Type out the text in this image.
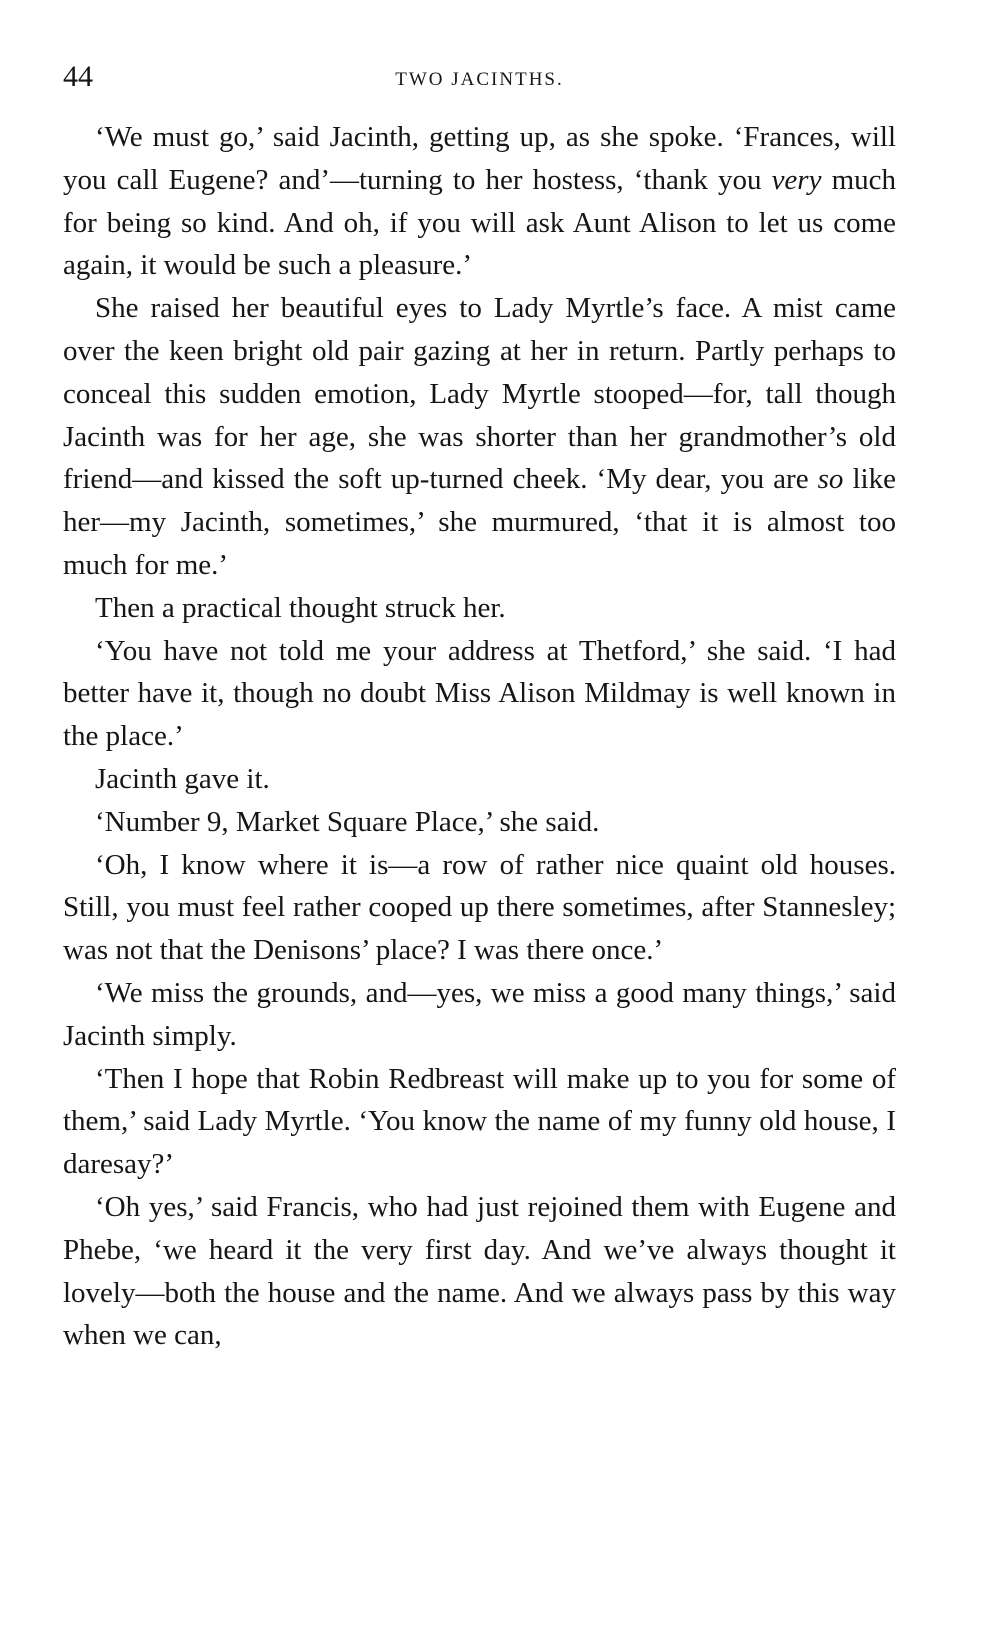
44	TWO JACINTHS.

‘We must go,’ said Jacinth, getting up, as she spoke. ‘Frances, will you call Eugene? and’—turning to her hostess, ‘thank you very much for being so kind. And oh, if you will ask Aunt Alison to let us come again, it would be such a pleasure.’

She raised her beautiful eyes to Lady Myrtle’s face. A mist came over the keen bright old pair gazing at her in return. Partly perhaps to conceal this sudden emotion, Lady Myrtle stooped—for, tall though Jacinth was for her age, she was shorter than her grandmother’s old friend—and kissed the soft up-turned cheek. ‘My dear, you are so like her—my Jacinth, sometimes,’ she murmured, ‘that it is almost too much for me.’

Then a practical thought struck her.

‘You have not told me your address at Thetford,’ she said. ‘I had better have it, though no doubt Miss Alison Mildmay is well known in the place.’

Jacinth gave it.

‘Number 9, Market Square Place,’ she said.

‘Oh, I know where it is—a row of rather nice quaint old houses. Still, you must feel rather cooped up there sometimes, after Stannesley; was not that the Denisons’ place? I was there once.’

‘We miss the grounds, and—yes, we miss a good many things,’ said Jacinth simply.

‘Then I hope that Robin Redbreast will make up to you for some of them,’ said Lady Myrtle. ‘You know the name of my funny old house, I daresay?’

‘Oh yes,’ said Francis, who had just rejoined them with Eugene and Phebe, ‘we heard it the very first day. And we’ve always thought it lovely—both the house and the name. And we always pass by this way when we can,
